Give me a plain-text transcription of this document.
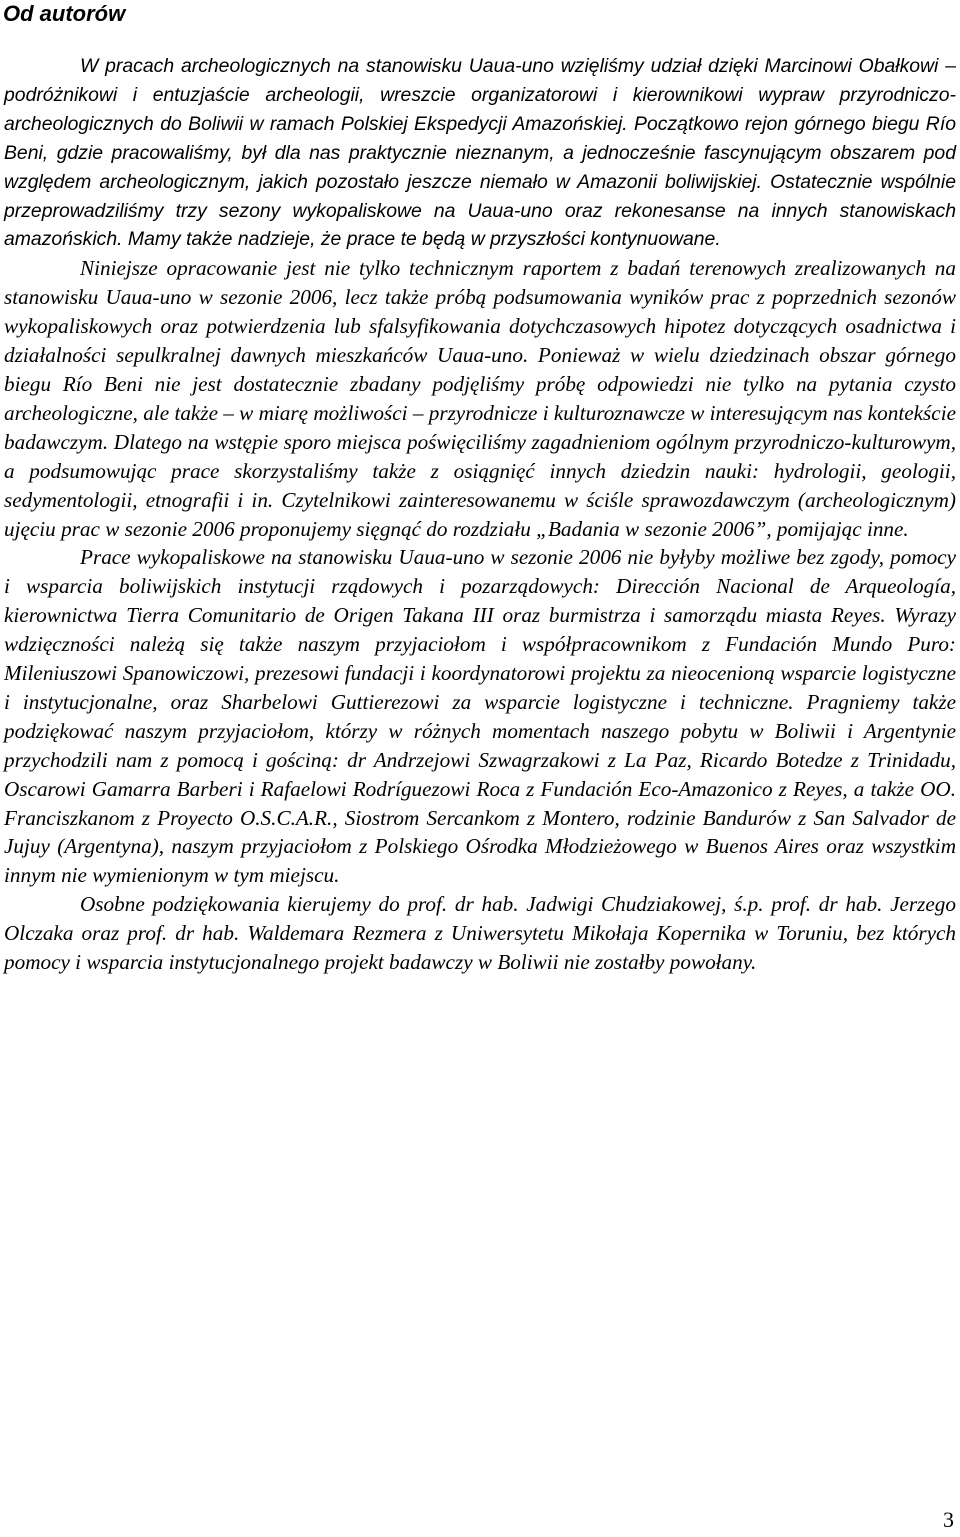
Od autorów

W pracach archeologicznych na stanowisku Uaua-uno wzięliśmy udział dzięki Marcinowi Obałkowi – podróżnikowi i entuzjaście archeologii, wreszcie organizatorowi i kierownikowi wypraw przyrodniczo-archeologicznych do Boliwii w ramach Polskiej Ekspedycji Amazońskiej. Początkowo rejon górnego biegu Río Beni, gdzie pracowaliśmy, był dla nas praktycznie nieznanym, a jednocześnie fascynującym obszarem pod względem archeologicznym, jakich pozostało jeszcze niemało w Amazonii boliwijskiej. Ostatecznie wspólnie przeprowadziliśmy trzy sezony wykopaliskowe na Uaua-uno oraz rekonesanse na innych stanowiskach amazońskich. Mamy także nadzieje, że prace te będą w przyszłości kontynuowane.

Niniejsze opracowanie jest nie tylko technicznym raportem z badań terenowych zrealizowanych na stanowisku Uaua-uno w sezonie 2006, lecz także próbą podsumowania wyników prac z poprzednich sezonów wykopaliskowych oraz potwierdzenia lub sfalsyfikowania dotychczasowych hipotez dotyczących osadnictwa i działalności sepulkralnej dawnych mieszkańców Uaua-uno. Ponieważ w wielu dziedzinach obszar górnego biegu Río Beni nie jest dostatecznie zbadany podjęliśmy próbę odpowiedzi nie tylko na pytania czysto archeologiczne, ale także – w miarę możliwości – przyrodnicze i kulturoznawcze w interesującym nas kontekście badawczym. Dlatego na wstępie sporo miejsca poświęciliśmy zagadnieniom ogólnym przyrodniczo-kulturowym, a podsumowując prace skorzystaliśmy także z osiągnięć innych dziedzin nauki: hydrologii, geologii, sedymentologii, etnografii i in. Czytelnikowi zainteresowanemu w ściśle sprawozdawczym (archeologicznym) ujęciu prac w sezonie 2006 proponujemy sięgnąć do rozdziału „Badania w sezonie 2006”, pomijając inne.

Prace wykopaliskowe na stanowisku Uaua-uno w sezonie 2006 nie byłyby możliwe bez zgody, pomocy i wsparcia boliwijskich instytucji rządowych i pozarządowych: Dirección Nacional de Arqueología, kierownictwa Tierra Comunitario de Origen Takana III oraz burmistrza i samorządu miasta Reyes. Wyrazy wdzięczności należą się także naszym przyjaciołom i współpracownikom z Fundación Mundo Puro: Mileniuszowi Spanowiczowi, prezesowi fundacji i koordynatorowi projektu za nieocenioną wsparcie logistyczne i instytucjonalne, oraz Sharbelowi Guttierezowi za wsparcie logistyczne i techniczne. Pragniemy także podziękować naszym przyjaciołom, którzy w różnych momentach naszego pobytu w Boliwii i Argentynie przychodzili nam z pomocą i gościną: dr Andrzejowi Szwagrzakowi z La Paz, Ricardo Botedze z Trinidadu, Oscarowi Gamarra Barberi i Rafaelowi Rodríguezowi Roca z Fundación Eco-Amazonico z Reyes, a także OO. Franciszkanom z Proyecto O.S.C.A.R., Siostrom Sercankom z Montero, rodzinie Bandurów z San Salvador de Jujuy (Argentyna), naszym przyjaciołom z Polskiego Ośrodka Młodzieżowego w Buenos Aires oraz wszystkim innym nie wymienionym w tym miejscu.

Osobne podziękowania kierujemy do prof. dr hab. Jadwigi Chudziakowej, ś.p. prof. dr hab. Jerzego Olczaka oraz prof. dr hab. Waldemara Rezmera z Uniwersytetu Mikołaja Kopernika w Toruniu, bez których pomocy i wsparcia instytucjonalnego projekt badawczy w Boliwii nie zostałby powołany.

3
